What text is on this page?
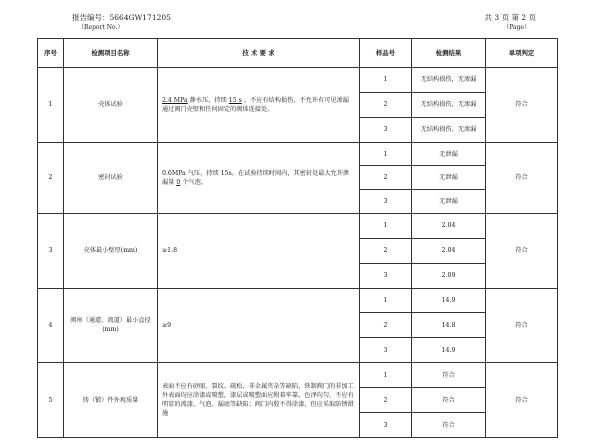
报告编号：5664GW171205
（Report No.）
共 3 页 第 2 页
（Page）
序号	检测项目名称	技 术 要 求	样品号	检测结果	单项判定
1	壳体试验	2.4 MPa 静水压，持续 15 s 。不应有结构损伤，不允许有可见渗漏通过阀门壳壁和任何固定的阀体连接处。	1	无结构损伤，无渗漏	符合
			2	无结构损伤，无渗漏	
			3	无结构损伤，无渗漏	
2	密封试验	0.6MPa 气压，持续 15s。在试验持续时间内，其密封处最大允许泄漏量 0 个气泡。	1	无泄漏	符合
			2	无泄漏	
			3	无泄漏	
3	壳体最小壁厚(mm)	≥1.8	1	2.04	符合
			2	2.04	
			3	2.09	
4	阀座（通道、流道）最小直径(mm)	≥9	1	14.9	符合
			2	14.8	
			3	14.9	
5	铸（锻）件外观质量	表面不应有砂眼、裂纹、疏松、非金属夹杂等缺陷，铁制阀门的非加工外表面均应涂漆或喷塑，漆层或喷塑面应附着牢靠，色泽均匀，不应有明显的流漆、气泡、漏底等缺陷；阀门内腔不得涂漆，但应采取防锈措施	1	符合	符合
			2	符合	
			3	符合	
